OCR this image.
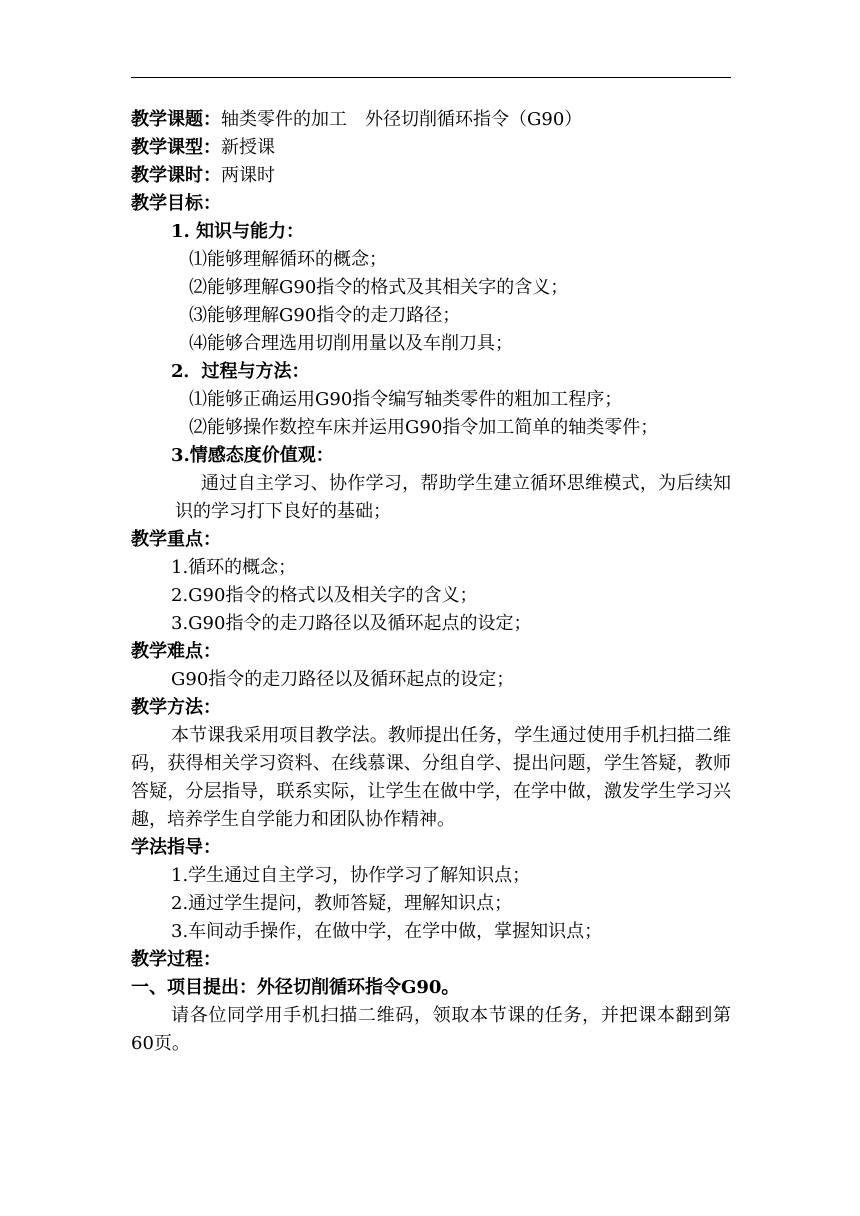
教学课题：轴类零件的加工　外径切削循环指令（G90）
教学课型：新授课
教学课时：两课时
教学目标：
1. 知识与能力：
⑴能够理解循环的概念；
⑵能够理解G90指令的格式及其相关字的含义；
⑶能够理解G90指令的走刀路径；
⑷能够合理选用切削用量以及车削刀具；
2．过程与方法：
⑴能够正确运用G90指令编写轴类零件的粗加工程序；
⑵能够操作数控车床并运用G90指令加工简单的轴类零件；
3.情感态度价值观：
通过自主学习、协作学习，帮助学生建立循环思维模式，为后续知识的学习打下良好的基础；
教学重点：
1.循环的概念；
2.G90指令的格式以及相关字的含义；
3.G90指令的走刀路径以及循环起点的设定；
教学难点：
G90指令的走刀路径以及循环起点的设定；
教学方法：
本节课我采用项目教学法。教师提出任务，学生通过使用手机扫描二维码，获得相关学习资料、在线慕课、分组自学、提出问题，学生答疑，教师答疑，分层指导，联系实际，让学生在做中学，在学中做，激发学生学习兴趣，培养学生自学能力和团队协作精神。
学法指导：
1.学生通过自主学习，协作学习了解知识点；
2.通过学生提问，教师答疑，理解知识点；
3.车间动手操作，在做中学，在学中做，掌握知识点；
教学过程：
一、项目提出：外径切削循环指令G90。
请各位同学用手机扫描二维码，领取本节课的任务，并把课本翻到第60页。
